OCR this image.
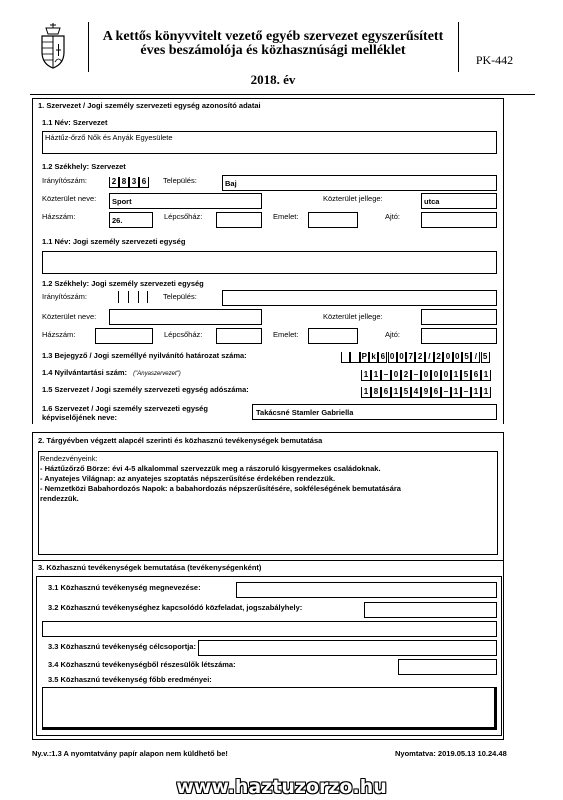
A kettős könyvvitelt vezető egyéb szervezet egyszerűsített
éves beszámolója és közhasznúsági melléklet
2018. év
PK-442
1. Szervezet / Jogi személy szervezeti egység azonosító adatai
1.1 Név: Szervezet
Háztűz-őrző Nők és Anyák Egyesülete
1.2 Székhely: Szervezet
Irányítószám:	2 8 3 6	Település:	Baj
Közterület neve: Sport	Közterület jellege:	utca
Házszám:	26.	Lépcsőház:	Emelet:	Ajtó:
1.1 Név: Jogi személy szervezeti egység
1.2 Székhely: Jogi személy szervezeti egység
Irányítószám:	Település:
Közterület neve:	Közterület jellege:
Házszám:	Lépcsőház:	Emelet:	Ajtó:
1.3 Bejegyző / Jogi személlyé nyilvánító határozat száma:	P k 6 0 0 7 2 / 2 0 0 5 / 5
1.4 Nyilvántartási szám: ("Anyaszervezet")	1 1 – 0 2 – 0 0 0 1 5 6 1
1.5 Szervezet / Jogi személy szervezeti egység adószáma:	1 8 6 1 5 4 9 6 – 1 – 1 1
1.6 Szervezet / Jogi személy szervezeti egység
képviselőjének neve:
Takácsné Stamler Gabriella
2. Tárgyévben végzett alapcél szerinti és közhasznú tevékenységek bemutatása
Rendezvényeink:
- Háztűzőrző Börze: évi 4-5 alkalommal szervezzük meg a rászoruló kisgyermekes családoknak.
- Anyatejes Világnap: az anyatejes szoptatás népszerűsítése érdekében rendezzük.
- Nemzetközi Babahordozós Napok: a babahordozás népszerűsítésére, sokféleségének bemutatására
rendezzük.
3. Közhasznú tevékenységek bemutatása (tevékenységenként)
3.1 Közhasznú tevékenység megnevezése:
3.2 Közhasznú tevékenységhez kapcsolódó közfeladat, jogszabályhely:
3.3 Közhasznú tevékenység célcsoportja:
3.4 Közhasznú tevékenységből részesülők létszáma:
3.5 Közhasznú tevékenység főbb eredményei:
Ny.v.:1.3 A nyomtatvány papír alapon nem küldhető be!	Nyomtatva: 2019.05.13 10.24.48
www.haztuzorzo.hu
